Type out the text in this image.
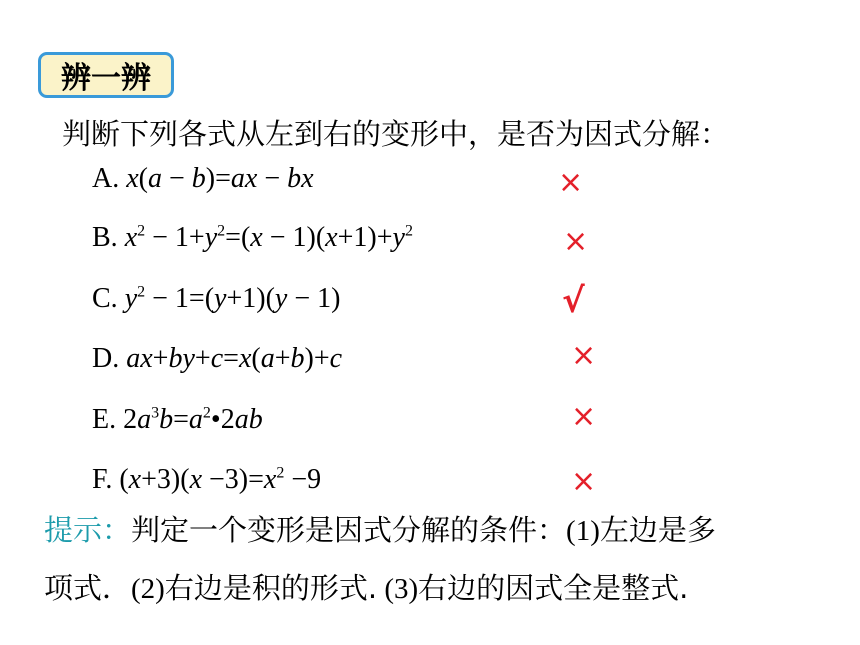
辨一辨
判断下列各式从左到右的变形中，是否为因式分解：
A. x(a − b)=ax − bx	×
B. $x^2 - 1+y^2=(x - 1)(x+1)+y^2$	×
C. $y^2 - 1=(y+1)(y - 1)$	√
D. ax+by+c=x(a+b)+c	×
E. $2a^3b=a^2•2ab$	×
F. $(x+3)(x -3)=x^2 -9$	×
提示：判定一个变形是因式分解的条件：(1)左边是多
项式．(2)右边是积的形式. (3)右边的因式全是整式.
